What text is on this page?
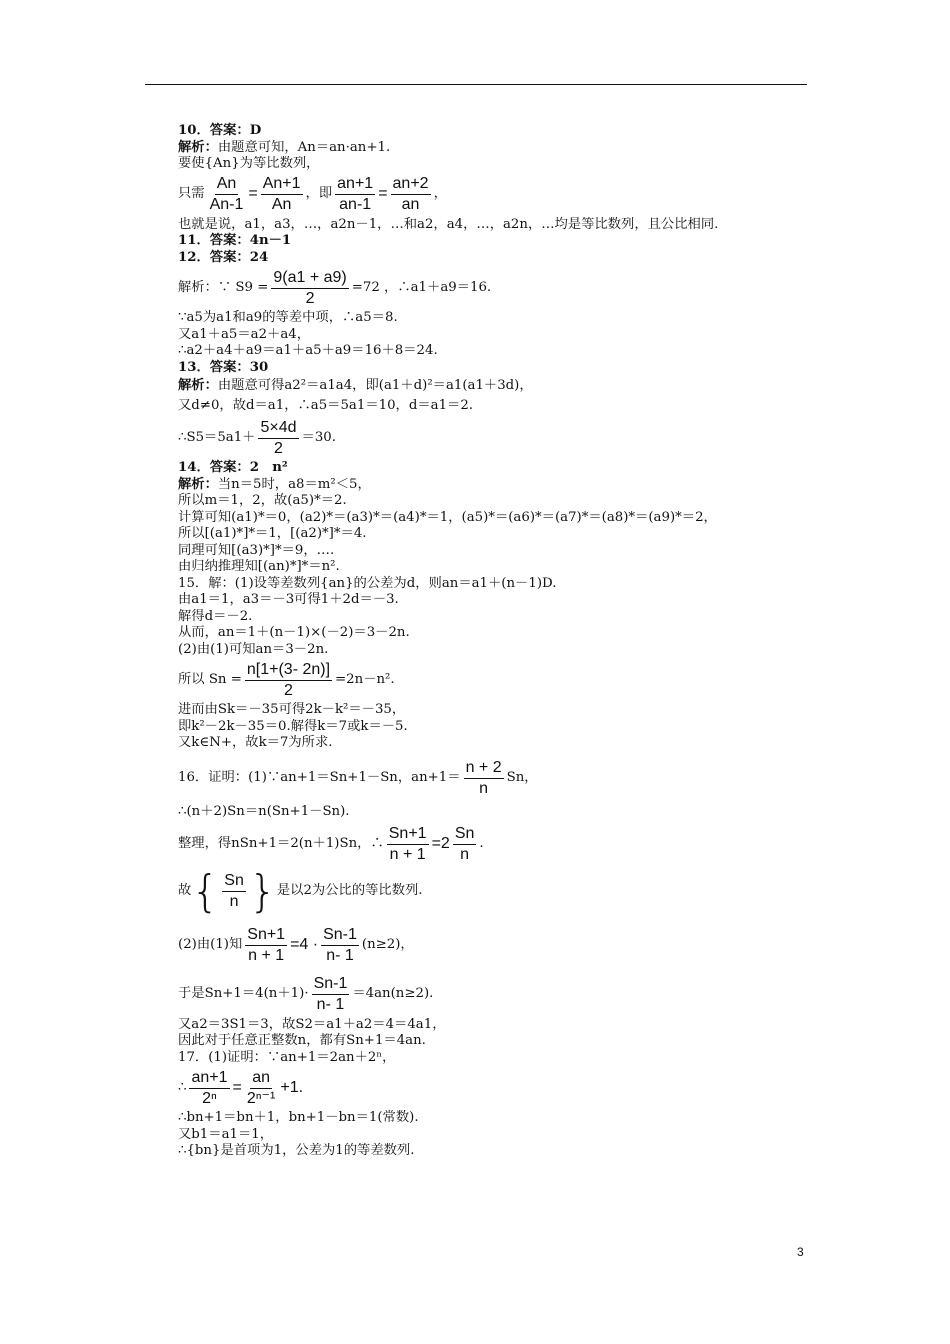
10．答案：D
解析：由题意可知，An＝an·an+1.
要使{An}为等比数列，
只需 $\frac{An}{An-1} = \frac{An+1}{An}$ ，即 $\frac{an+1}{an-1} = \frac{an+2}{an}$ ，
也就是说，a1，a3，…，a2n－1，…和a2，a4，…，a2n，…均是等比数列，且公比相同.
11．答案：4n－1
12．答案：24
解析：∵ $S9 = \frac{9(a1 + a9)}{2} =72$ ，∴a1＋a9＝16.
∵a5为a1和a9的等差中项，∴a5＝8.
又a1＋a5＝a2＋a4，
∴a2＋a4＋a9＝a1＋a5＋a9＝16＋8＝24.
13．答案：30
解析：由题意可得a2²＝a1a4，即(a1＋d)²＝a1(a1＋3d)，
又d≠0，故d＝a1，∴a5＝5a1＝10，d＝a1＝2.
∴S5＝5a1＋ $\frac{5\times 4d}{2} =30$.
14．答案：2　n²
解析：当n＝5时，a8＝m²＜5，
所以m＝1，2，故(a5)*＝2.
计算可知(a1)*＝0，(a2)*＝(a3)*＝(a4)*＝1，(a5)*＝(a6)*＝(a7)*＝(a8)*＝(a9)*＝2，
所以[(a1)*]*＝1，[(a2)*]*＝4.
同理可知[(a3)*]*＝9，….
由归纳推理知[(an)*]*＝n².
15．解：(1)设等差数列{an}的公差为d，则an＝a1＋(n－1)D.
由a1＝1，a3＝－3可得1＋2d＝－3.
解得d＝－2.
从而，an＝1＋(n－1)×(－2)＝3－2n.
(2)由(1)可知an＝3－2n.
所以 $Sn = \frac{n[1+(3- 2n)]}{2} =2n-n^2$.
进而由Sk＝－35可得2k－k²＝－35，
即k²－2k－35＝0.解得k＝7或k＝－5.
又k∈N+，故k＝7为所求.
16．证明：(1)∵an+1＝Sn+1－Sn，$an+1= \frac{n + 2}{n}$ Sn，
∴(n＋2)Sn＝n(Sn+1－Sn).
整理，得nSn+1＝2(n＋1)Sn，∴ $\frac{Sn+1}{n + 1} =2 \frac{Sn}{n}$ .
故 { $\frac{Sn}{n}$ } 是以2为公比的等比数列.
(2)由(1)知 $\frac{Sn+1}{n + 1} =4 \cdot \frac{Sn-1}{n- 1} (n\ge 2)$，
于是$Sn+1=4(n+1)\cdot \frac{Sn-1}{n- 1} =4an(n\ge 2)$.
又a2＝3S1＝3，故S2＝a1＋a2＝4＝4a1，
因此对于任意正整数n，都有Sn+1＝4an.
17．(1)证明：∵an+1＝2an＋2ⁿ，
∴ $\frac{an+1}{\text{2ⁿ}} = \frac{an}{\text{2ⁿ⁻¹}} +1$.
∴bn+1＝bn＋1，bn+1－bn＝1(常数).
又b1＝a1＝1，
∴{bn}是首项为1，公差为1的等差数列.
3
